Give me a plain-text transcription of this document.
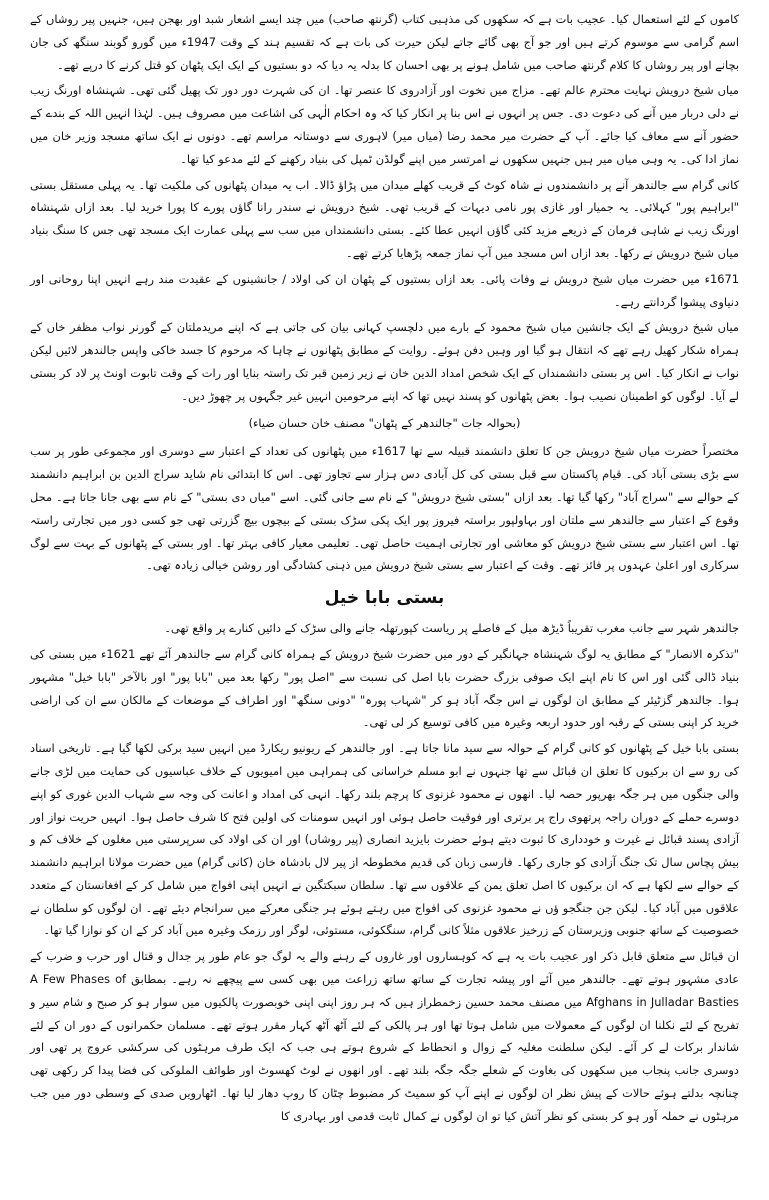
کاموں کے لئے استعمال کیا۔ عجیب بات ہے کہ سکھوں کی مذہبی کتاب (گرنتھ صاحب) میں چند ایسے اشعار شبد اور بھجن ہیں، جنہیں پیر روشاں کے اسم گرامی سے موسوم کرتے ہیں اور جو آج بھی گائے جاتے لیکن حیرت کی بات ہے کہ تقسیم ہند کے وقت 1947ء میں گورو گوبند سنگھ کی جان بچانے اور پیر روشاں کا کلام گرنتھ صاحب میں شامل ہونے پر بھی احسان کا بدلہ یہ دیا کہ دو بستیوں کے ایک ایک پٹھان کو قتل کرنے کا درپے تھے۔

میاں شیخ درویش نہایت محترم عالم تھے۔ مزاج میں نخوت اور آزادروی کا عنصر تھا۔ ان کی شہرت دور دور تک پھیل گئی تھی۔ شہنشاہ اورنگ زیب نے دلی دربار میں آنے کی دعوت دی۔ جس پر انہوں نے اس بنا پر انکار کیا کہ وہ احکام الٰہی کی اشاعت میں مصروف ہیں۔ لہٰذا انہیں اللہ کے بندے کے حضور آنے سے معاف کیا جائے۔ آپ کے حضرت میر محمد رضا (میاں میر) لاہوری سے دوستانہ مراسم تھے۔ دونوں نے ایک ساتھ مسجد وزیر خان میں نماز ادا کی۔ یہ وہی میاں میر ہیں جنہیں سکھوں نے امرتسر میں اپنے گولڈن ٹمپل کی بنیاد رکھنے کے لئے مدعو کیا تھا۔

کانی گرام سے جالندھر آنے پر دانشمندوں نے شاہ کوٹ کے قریب کھلے میدان میں پڑاؤ ڈالا۔ اب یہ میدان پٹھانوں کی ملکیت تھا۔ یہ پہلی مستقل بستی "ابراہیم پور" کہلائی۔ یہ جمیار اور غازی پور نامی دیہات کے قریب تھی۔ شیخ درویش نے سندر رانا گاؤں پورے کا پورا خرید لیا۔ بعد ازاں شہنشاہ اورنگ زیب نے شاہی فرمان کے ذریعے مزید کئی گاؤں انہیں عطا کئے۔ بستی دانشمنداں میں سب سے پہلی عمارت ایک مسجد تھی جس کا سنگ بنیاد میاں شیخ درویش نے رکھا۔ بعد ازاں اس مسجد میں آپ نماز جمعہ پڑھایا کرتے تھے۔

1671ء میں حضرت میاں شیخ درویش نے وفات پائی۔ بعد ازاں بستیوں کے پٹھان ان کی اولاد / جانشینوں کے عقیدت مند رہے انہیں اپنا روحانی اور دنیاوی پیشوا گردانتے رہے۔

میاں شیخ درویش کے ایک جانشین میاں شیخ محمود کے بارے میں دلچسپ کہانی بیان کی جاتی ہے کہ اپنے مریدملتان کے گورنر نواب مظفر خاں کے ہمراہ شکار کھیل رہے تھے کہ انتقال ہو گیا اور وہیں دفن ہوئے۔ روایت کے مطابق پٹھانوں نے چاہا کہ مرحوم کا جسد خاکی واپس جالندھر لائیں لیکن نواب نے انکار کیا۔ اس پر بستی دانشمنداں کے ایک شخص امداد الدین خان نے زیر زمین قبر تک راستہ بنایا اور رات کے وقت تابوت اونٹ پر لاد کر بستی لے آیا۔ لوگوں کو اطمینان نصیب ہوا۔ بعض پٹھانوں کو پسند نہیں تھا کہ اپنے مرحومین انہیں غیر جگہوں پر چھوڑ دیں۔

(بحوالہ جات "جالندھر کے پٹھان" مصنف خان حسان ضیاء)

مختصراً حضرت میاں شیخ درویش جن کا تعلق دانشمند قبیلہ سے تھا 1617ء میں پٹھانوں کی تعداد کے اعتبار سے دوسری اور مجموعی طور پر سب سے بڑی بستی آباد کی۔ قیام پاکستان سے قبل بستی کی کل آبادی دس ہزار سے تجاوز تھی۔ اس کا ابتدائی نام شاید سراج الدین بن ابراہیم دانشمند کے حوالے سے "سراج آباد" رکھا گیا تھا۔ بعد ازاں "بستی شیخ درویش" کے نام سے جانی گئی۔ اسے "میاں دی بستی" کے نام سے بھی جانا جاتا ہے۔ محل وقوع کے اعتبار سے جالندھر سے ملتان اور بہاولپور براستہ فیروز پور ایک پکی سڑک بستی کے بیچوں بیچ گزرتی تھی جو کسی دور میں تجارتی راستہ تھا۔ اس اعتبار سے بستی شیخ درویش کو معاشی اور تجارتی اہمیت حاصل تھی۔ تعلیمی معیار کافی بہتر تھا۔ اور بستی کے پٹھانوں کے بہت سے لوگ سرکاری اور اعلیٰ عہدوں پر فائز تھے۔ وقت کے اعتبار سے بستی شیخ درویش میں ذہنی کشادگی اور روشن خیالی زیادہ تھی۔

بستی بابا خیل

جالندھر شہر سے جانب مغرب تقریباً ڈیڑھ میل کے فاصلے پر ریاست کپورتھلہ جانے والی سڑک کے دائیں کنارے پر واقع تھی۔

"تذکرہ الانصار" کے مطابق یہ لوگ شہنشاہ جہانگیر کے دور میں حضرت شیخ درویش کے ہمراہ کانی گرام سے جالندھر آئے تھے 1621ء میں بستی کی بنیاد ڈالی گئی اور اس کا نام اپنے ایک صوفی بزرگ حضرت بابا اصل کی نسبت سے "اصل پور" رکھا بعد میں "بابا پور" اور بالآخر "بابا خیل" مشہور ہوا۔ جالندھر گزٹیئر کے مطابق ان لوگوں نے اس جگہ آباد ہو کر "شہاب پورہ" "دونی سنگھ" اور اطراف کے موضعات کے مالکان سے ان کی اراضی خرید کر اپنی بستی کے رقبہ اور حدود اربعہ وغیرہ میں کافی توسیع کر لی تھی۔

بستی بابا خیل کے پٹھانوں کو کانی گرام کے حوالہ سے سید مانا جاتا ہے۔ اور جالندھر کے ریونیو ریکارڈ میں انہیں سید برکی لکھا گیا ہے۔ تاریخی اسناد کی رو سے ان برکیوں کا تعلق ان قبائل سے تھا جنہوں نے ابو مسلم خراسانی کی ہمراہی میں امیویوں کے خلاف عباسیوں کی حمایت میں لڑی جانے والی جنگوں میں ہر جگہ بھرپور حصہ لیا۔ انھوں نے محمود غزنوی کا پرچم بلند رکھا۔ انہی کی امداد و اعانت کی وجہ سے شہاب الدین غوری کو اپنے دوسرے حملے کے دوران راجہ پرتھوی راج پر برتری اور فوقیت حاصل ہوئی اور انہیں سومنات کی اولین فتح کا شرف حاصل ہوا۔ انہیں حریت نواز اور آزادی پسند قبائل نے غیرت و خودداری کا ثبوت دیتے ہوئے حضرت بایزید انصاری (پیر روشاں) اور ان کی اولاد کی سرپرستی میں مغلوں کے خلاف کم و بیش پچاس سال تک جنگ آزادی کو جاری رکھا۔ فارسی زبان کی قدیم مخطوطہ از پیر لال بادشاہ خان (کانی گرام) میں حضرت مولانا ابراہیم دانشمند کے حوالے سے لکھا ہے کہ ان برکیوں کا اصل تعلق یمن کے علاقوں سے تھا۔ سلطان سبکتگین نے انہیں اپنی افواج میں شامل کر کے افغانستان کے متعدد علاقوں میں آباد کیا۔ لیکن جن جنگجو ؤں نے محمود غزنوی کی افواج میں رہتے ہوئے ہر جنگی معرکے میں سرانجام دیئے تھے۔ ان لوگوں کو سلطان نے خصوصیت کے ساتھ جنوبی وزیرستان کے زرخیز علاقوں مثلاً کانی گرام، سنگکوئی، مستوئی، لوگر اور رزمک وغیرہ میں آباد کر کے ان کو نوازا گیا تھا۔

ان قبائل سے متعلق قابل ذکر اور عجیب بات یہ ہے کہ کوہساروں اور غاروں کے رہنے والے یہ لوگ جو عام طور پر جدال و قتال اور حرب و ضرب کے عادی مشہور ہوتے تھے۔ جالندھر میں آئے اور پیشہ تجارت کے ساتھ ساتھ زراعت میں بھی کسی سے پیچھے نہ رہے۔ بمطابق A Few Phases of Afghans in Julladar Basties میں مصنف محمد حسین زخمطراز ہیں کہ ہر روز اپنی اپنی خوبصورت پالکیوں میں سوار ہو کر صبح و شام سیر و تفریح کے لئے نکلنا ان لوگوں کے معمولات میں شامل ہوتا تھا اور ہر پالکی کے لئے آٹھ آٹھ کہار مقرر ہوتے تھے۔ مسلمان حکمرانوں کے دور ان کے لئے شاندار برکات لے کر آئے۔ لیکن سلطنت مغلیہ کے زوال و انحطاط کے شروع ہوتے ہی جب کہ ایک طرف مرہٹوں کی سرکشی عروج پر تھی اور دوسری جانب پنجاب میں سکھوں کی بغاوت کے شعلے جگہ جگہ بلند تھے۔ اور انھوں نے لوٹ کھسوٹ اور طوائف الملوکی کی فضا پیدا کر رکھی تھی چنانچہ بدلتے ہوئے حالات کے پیش نظر ان لوگوں نے اپنے آپ کو سمیٹ کر مضبوط چٹان کا روپ دھار لیا تھا۔ اٹھارویں صدی کے وسطی دور میں جب مرہٹوں نے حملہ آور ہو کر بستی کو نظر آتش کیا تو ان لوگوں نے کمال ثابت قدمی اور بہادری کا
